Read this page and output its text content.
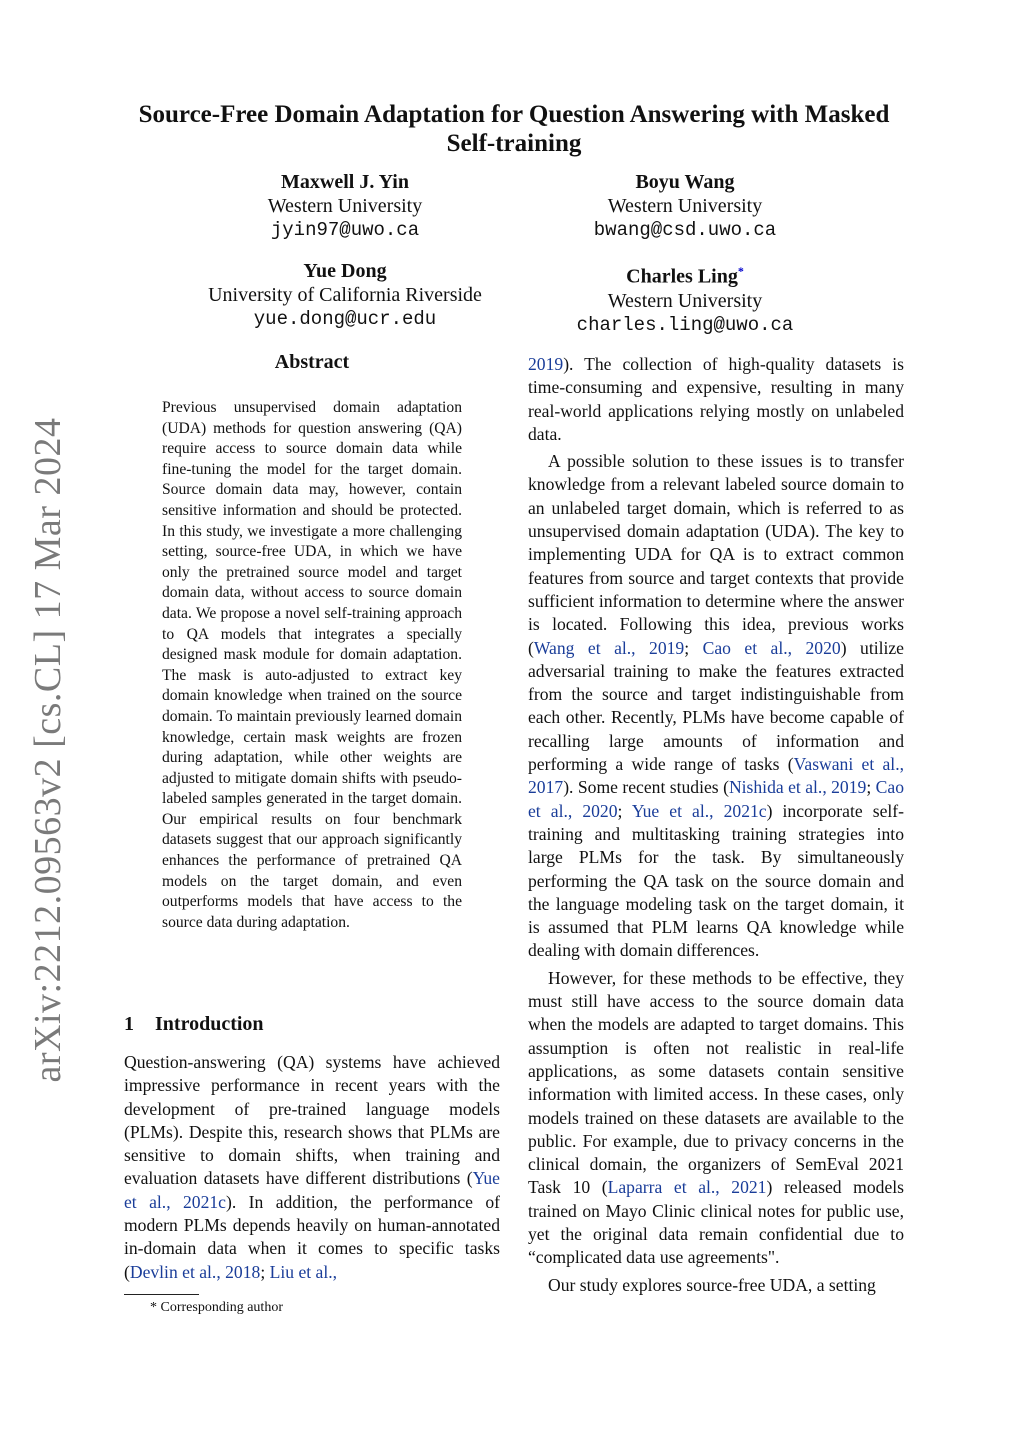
arXiv:2212.09563v2 [cs.CL] 17 Mar 2024
Source-Free Domain Adaptation for Question Answering with Masked Self-training
Maxwell J. Yin
Western University
jyin97@uwo.ca
Boyu Wang
Western University
bwang@csd.uwo.ca
Yue Dong
University of California Riverside
yue.dong@ucr.edu
Charles Ling*
Western University
charles.ling@uwo.ca
Abstract
Previous unsupervised domain adaptation (UDA) methods for question answering (QA) require access to source domain data while fine-tuning the model for the target domain. Source domain data may, however, contain sensitive information and should be protected. In this study, we investigate a more challenging setting, source-free UDA, in which we have only the pretrained source model and target domain data, without access to source domain data. We propose a novel self-training approach to QA models that integrates a specially designed mask module for domain adaptation. The mask is auto-adjusted to extract key domain knowledge when trained on the source domain. To maintain previously learned domain knowledge, certain mask weights are frozen during adaptation, while other weights are adjusted to mitigate domain shifts with pseudo-labeled samples generated in the target domain. Our empirical results on four benchmark datasets suggest that our approach significantly enhances the performance of pretrained QA models on the target domain, and even outperforms models that have access to the source data during adaptation.
1 Introduction
Question-answering (QA) systems have achieved impressive performance in recent years with the development of pre-trained language models (PLMs). Despite this, research shows that PLMs are sensitive to domain shifts, when training and evaluation datasets have different distributions (Yue et al., 2021c). In addition, the performance of modern PLMs depends heavily on human-annotated in-domain data when it comes to specific tasks (Devlin et al., 2018; Liu et al.,
* Corresponding author

2019). The collection of high-quality datasets is time-consuming and expensive, resulting in many real-world applications relying mostly on unlabeled data.

A possible solution to these issues is to transfer knowledge from a relevant labeled source domain to an unlabeled target domain, which is referred to as unsupervised domain adaptation (UDA). The key to implementing UDA for QA is to extract common features from source and target contexts that provide sufficient information to determine where the answer is located. Following this idea, previous works (Wang et al., 2019; Cao et al., 2020) utilize adversarial training to make the features extracted from the source and target indistinguishable from each other. Recently, PLMs have become capable of recalling large amounts of information and performing a wide range of tasks (Vaswani et al., 2017). Some recent studies (Nishida et al., 2019; Cao et al., 2020; Yue et al., 2021c) incorporate self-training and multitasking training strategies into large PLMs for the task. By simultaneously performing the QA task on the source domain and the language modeling task on the target domain, it is assumed that PLM learns QA knowledge while dealing with domain differences.

However, for these methods to be effective, they must still have access to the source domain data when the models are adapted to target domains. This assumption is often not realistic in real-life applications, as some datasets contain sensitive information with limited access. In these cases, only models trained on these datasets are available to the public. For example, due to privacy concerns in the clinical domain, the organizers of SemEval 2021 Task 10 (Laparra et al., 2021) released models trained on Mayo Clinic clinical notes for public use, yet the original data remain confidential due to “complicated data use agreements".

Our study explores source-free UDA, a setting
